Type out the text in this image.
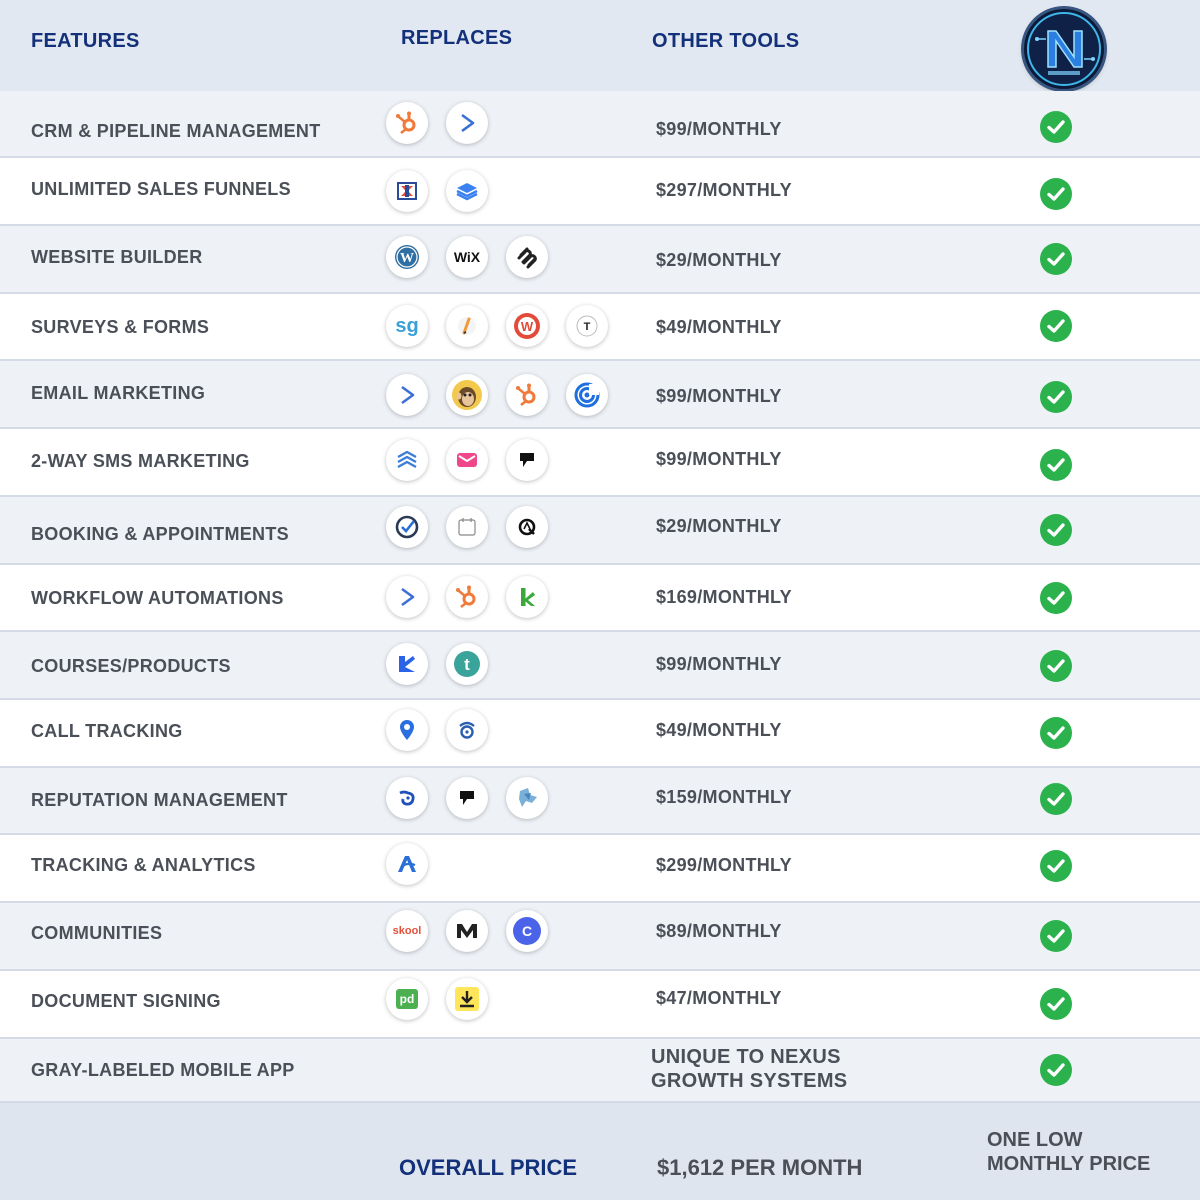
FEATURES	REPLACES	OTHER TOOLS
CRM & PIPELINE MANAGEMENT	$99/MONTHLY
UNLIMITED SALES FUNNELS	$297/MONTHLY
WEBSITE BUILDER	W	WiX	$29/MONTHLY
SURVEYS & FORMS	sg	W	T	$49/MONTHLY
EMAIL MARKETING	$99/MONTHLY
2-WAY SMS MARKETING	$99/MONTHLY
BOOKING & APPOINTMENTS	$29/MONTHLY
WORKFLOW AUTOMATIONS	$169/MONTHLY
COURSES/PRODUCTS	t	$99/MONTHLY
CALL TRACKING	$49/MONTHLY
REPUTATION MANAGEMENT	$159/MONTHLY
TRACKING & ANALYTICS	$299/MONTHLY
COMMUNITIES	skool	C	$89/MONTHLY
DOCUMENT SIGNING	pd	$47/MONTHLY
GRAY-LABELED MOBILE APP
UNIQUE TO NEXUS
GROWTH SYSTEMS
OVERALL PRICE	$1,612 PER MONTH
ONE LOW
MONTHLY PRICE
